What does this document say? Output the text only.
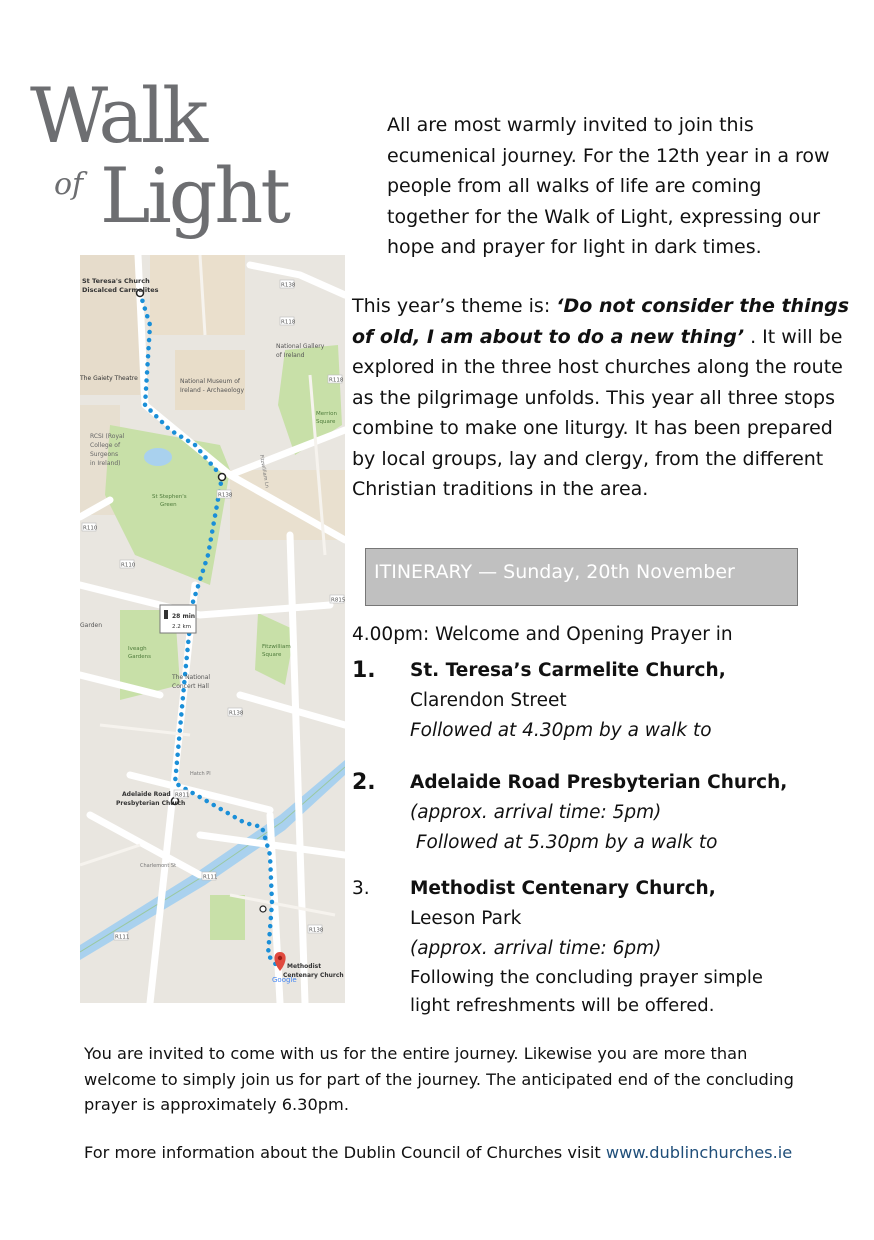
Walk
of Light

All are most warmly invited to join this ecumenical journey. For the 12th year in a row people from all walks of life are coming together for the Walk of Light, expressing our hope and prayer for light in dark times.

This year’s theme is: ‘Do not consider the things of old, I am about to do a new thing’ . It will be explored in the three host churches along the route as the pilgrimage unfolds. This year all three stops combine to make one liturgy. It has been prepared by local groups, lay and clergy, from the different Christian traditions in the area.

R138
R118
R118
R138
R815
R110
R110
R138
R811
R111
R111
R138
St Teresa's Church
Discalced Carmelites
The Gaiety Theatre
National Gallery
of Ireland
National Museum of
Ireland - Archaeology
RCSI (Royal
College of
Surgeons
in Ireland)
St Stephen's
Green
Merrion
Square
Garden
Iveagh
Gardens
The National
Concert Hall
Fitzwilliam
Square
28 min
2.2 km
Adelaide Road
Presbyterian Church
Methodist
Centenary Church
Google
Hatch Pl
Charlemont St
Fitzwilliam Ln
ITINERARY — Sunday, 20th November
4.00pm: Welcome and Opening Prayer in
1. St. Teresa’s Carmelite Church,
Clarendon Street
Followed at 4.30pm by a walk to
2. Adelaide Road Presbyterian Church,
(approx. arrival time: 5pm)
Followed at 5.30pm by a walk to
3. Methodist Centenary Church,
Leeson Park
(approx. arrival time: 6pm)
Following the concluding prayer simple light refreshments will be offered.

You are invited to come with us for the entire journey. Likewise you are more than welcome to simply join us for part of the journey. The anticipated end of the concluding prayer is approximately 6.30pm.

For more information about the Dublin Council of Churches visit www.dublinchurches.ie
